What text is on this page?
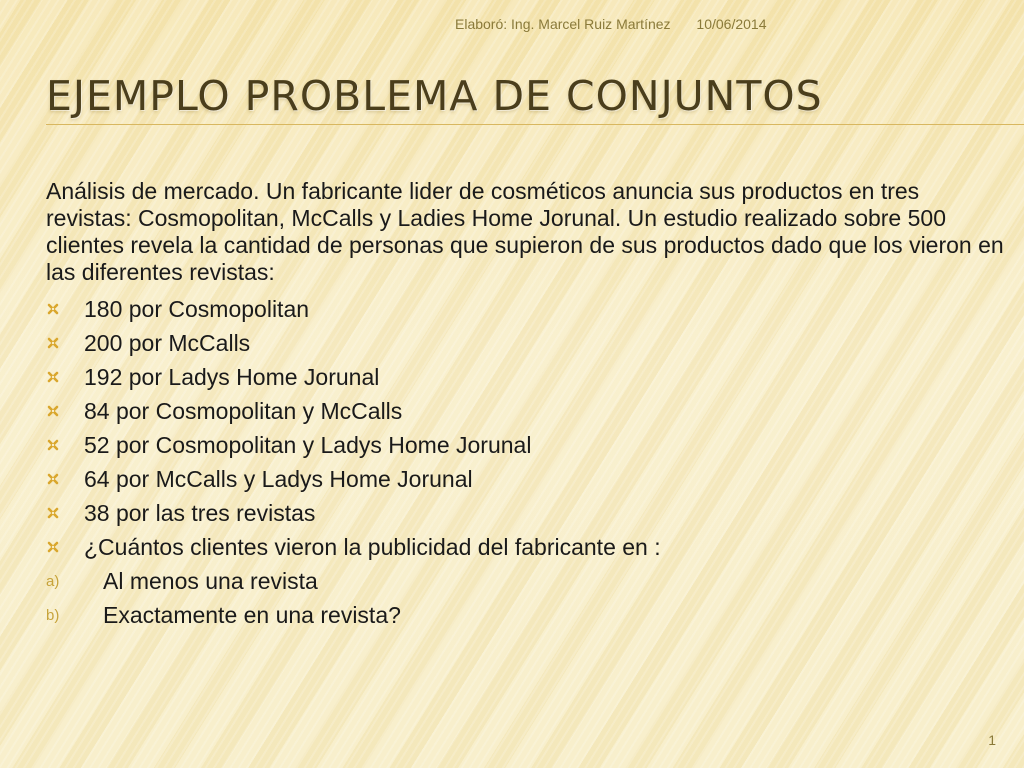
Elaboró: Ing. Marcel Ruiz Martínez 10/06/2014
EJEMPLO PROBLEMA DE CONJUNTOS

Análisis de mercado. Un fabricante lider de cosméticos anuncia sus productos en tres revistas: Cosmopolitan, McCalls y Ladies Home Jorunal. Un estudio realizado sobre 500 clientes revela la cantidad de personas que supieron de sus productos dado que los vieron en las diferentes revistas:

180 por Cosmopolitan
200 por McCalls
192 por Ladys Home Jorunal
84 por Cosmopolitan y McCalls
52 por Cosmopolitan y Ladys Home Jorunal
64 por McCalls y Ladys Home Jorunal
38 por las tres revistas
¿Cuántos clientes vieron la publicidad del fabricante en :
a)	Al menos una revista
b)	Exactamente en una revista?
1
